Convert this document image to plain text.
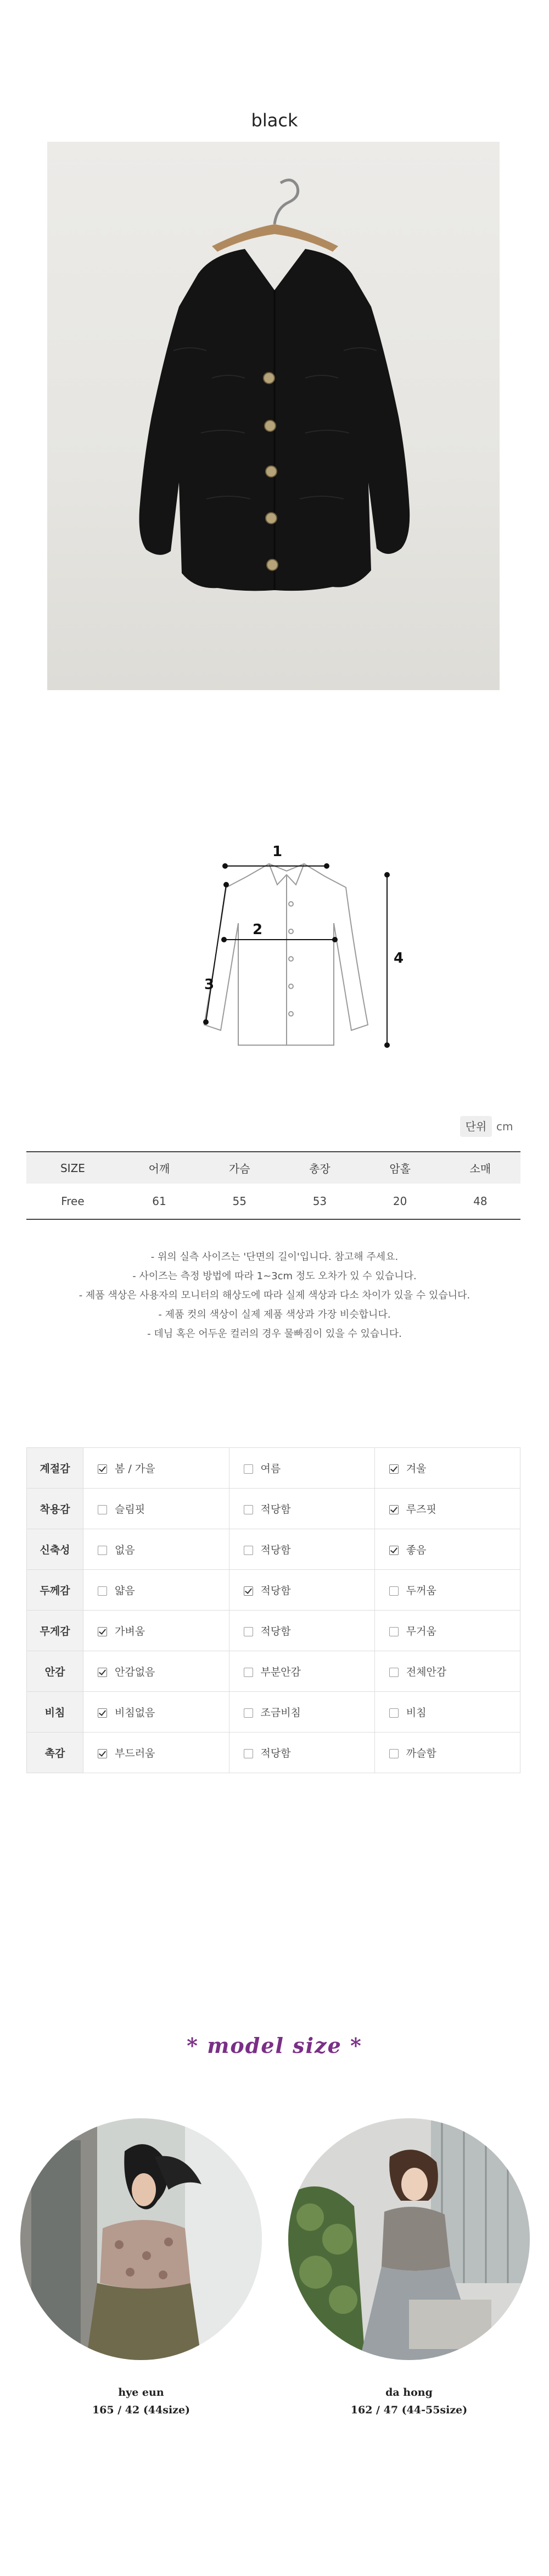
black
1
2
3
4
단위 cm
SIZE	어깨	가슴	총장	암홀	소매
Free	61	55	53	20	48
- 위의 실측 사이즈는 '단면의 길이'입니다. 참고해 주세요.
- 사이즈는 측정 방법에 따라 1~3cm 정도 오차가 있 수 있습니다.
- 제품 색상은 사용자의 모니터의 해상도에 따라 실제 색상과 다소 차이가 있을 수 있습니다.
- 제품 컷의 색상이 실제 제품 색상과 가장 비슷합니다.
- 데님 혹은 어두운 컬러의 경우 물빠짐이 있을 수 있습니다.
계절감	봄 / 가을	여름	겨울
착용감	슬림핏	적당함	루즈핏
신축성	없음	적당함	좋음
두께감	얇음	적당함	두꺼움
무게감	가벼움	적당함	무거움
안감	안감없음	부분안감	전체안감
비침	비침없음	조금비침	비침
촉감	부드러움	적당함	까슬함
* model size *
hye eun
165 / 42 (44size)
da hong
162 / 47 (44-55size)
